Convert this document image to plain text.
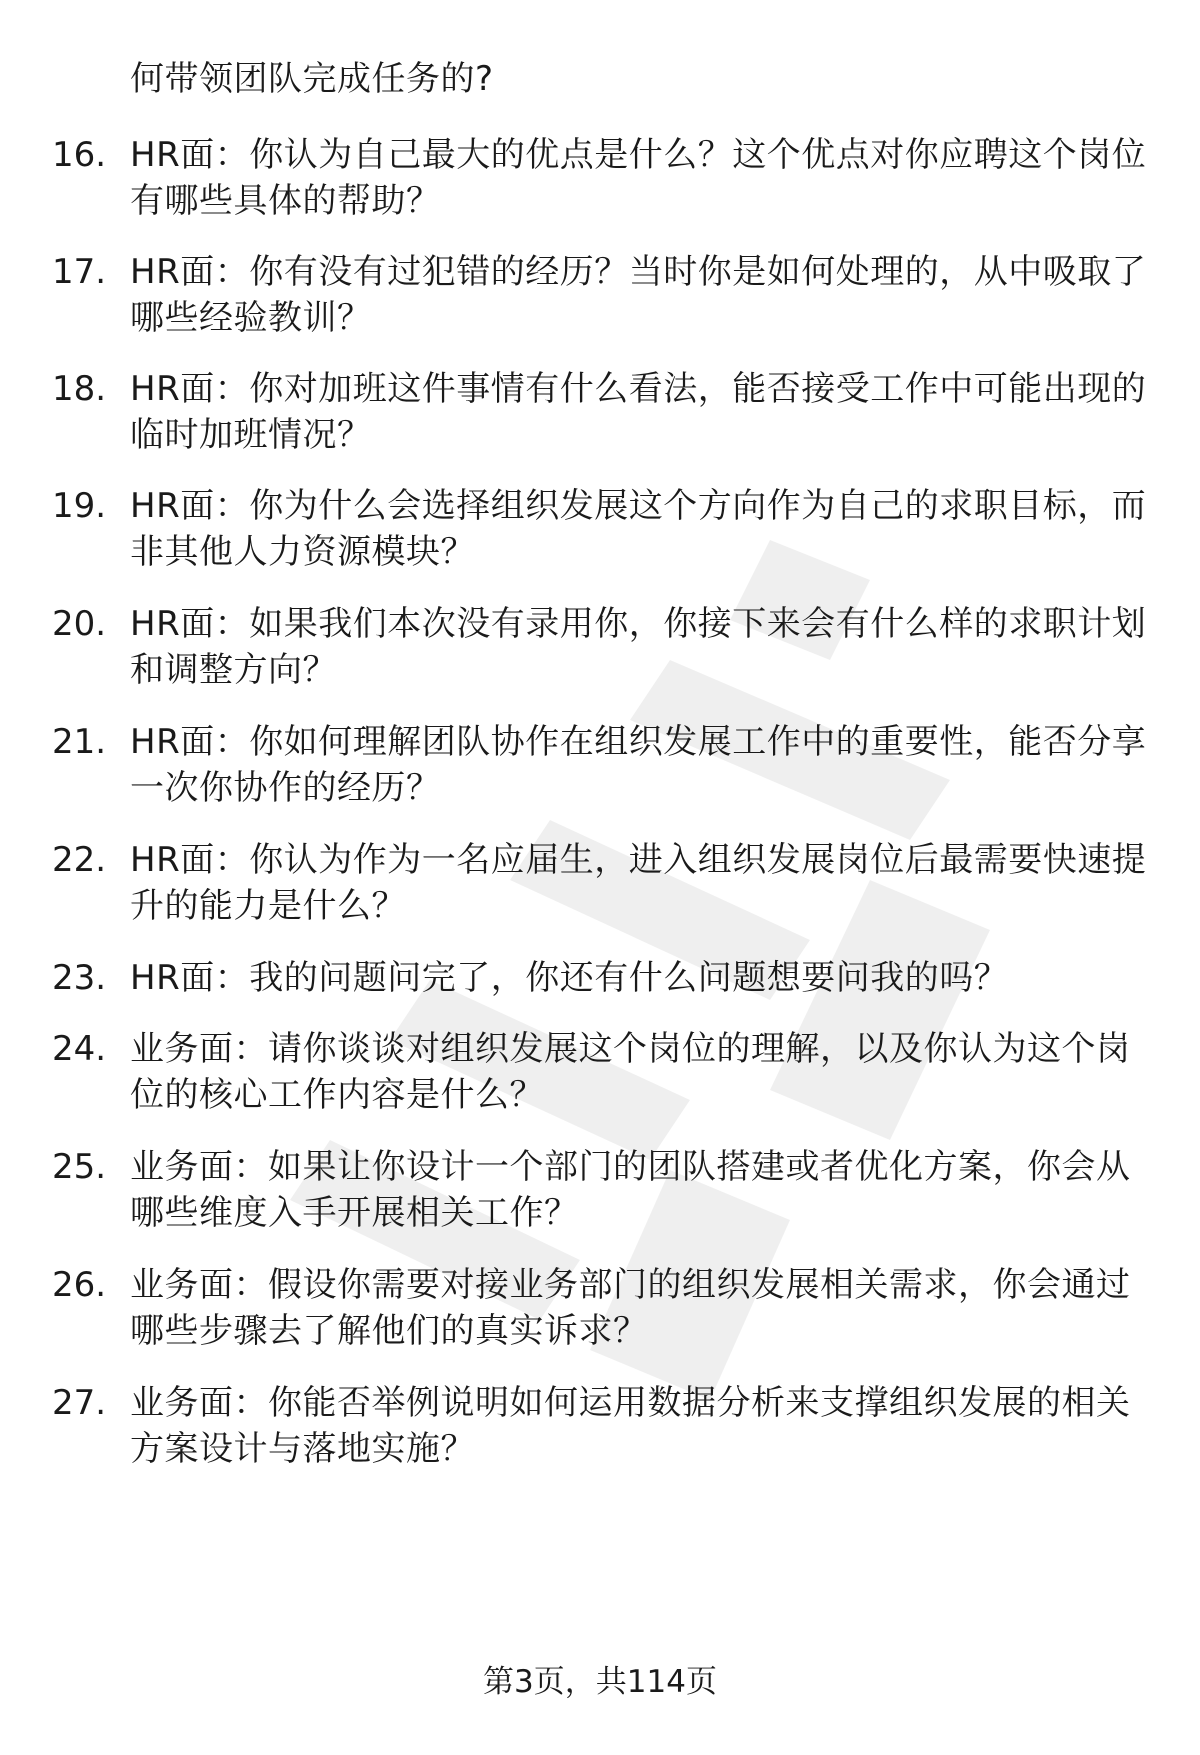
何带领团队完成任务的?
16. HR面：你认为自己最大的优点是什么？这个优点对你应聘这个岗位有哪些具体的帮助？
17. HR面：你有没有过犯错的经历？当时你是如何处理的，从中吸取了哪些经验教训？
18. HR面：你对加班这件事情有什么看法，能否接受工作中可能出现的临时加班情况？
19. HR面：你为什么会选择组织发展这个方向作为自己的求职目标，而非其他人力资源模块？
20. HR面：如果我们本次没有录用你，你接下来会有什么样的求职计划和调整方向？
21. HR面：你如何理解团队协作在组织发展工作中的重要性，能否分享一次你协作的经历？
22. HR面：你认为作为一名应届生，进入组织发展岗位后最需要快速提升的能力是什么？
23. HR面：我的问题问完了，你还有什么问题想要问我的吗？
24. 业务面：请你谈谈对组织发展这个岗位的理解，以及你认为这个岗位的核心工作内容是什么？
25. 业务面：如果让你设计一个部门的团队搭建或者优化方案，你会从哪些维度入手开展相关工作？
26. 业务面：假设你需要对接业务部门的组织发展相关需求，你会通过哪些步骤去了解他们的真实诉求？
27. 业务面：你能否举例说明如何运用数据分析来支撑组织发展的相关方案设计与落地实施？
第3页，共114页
